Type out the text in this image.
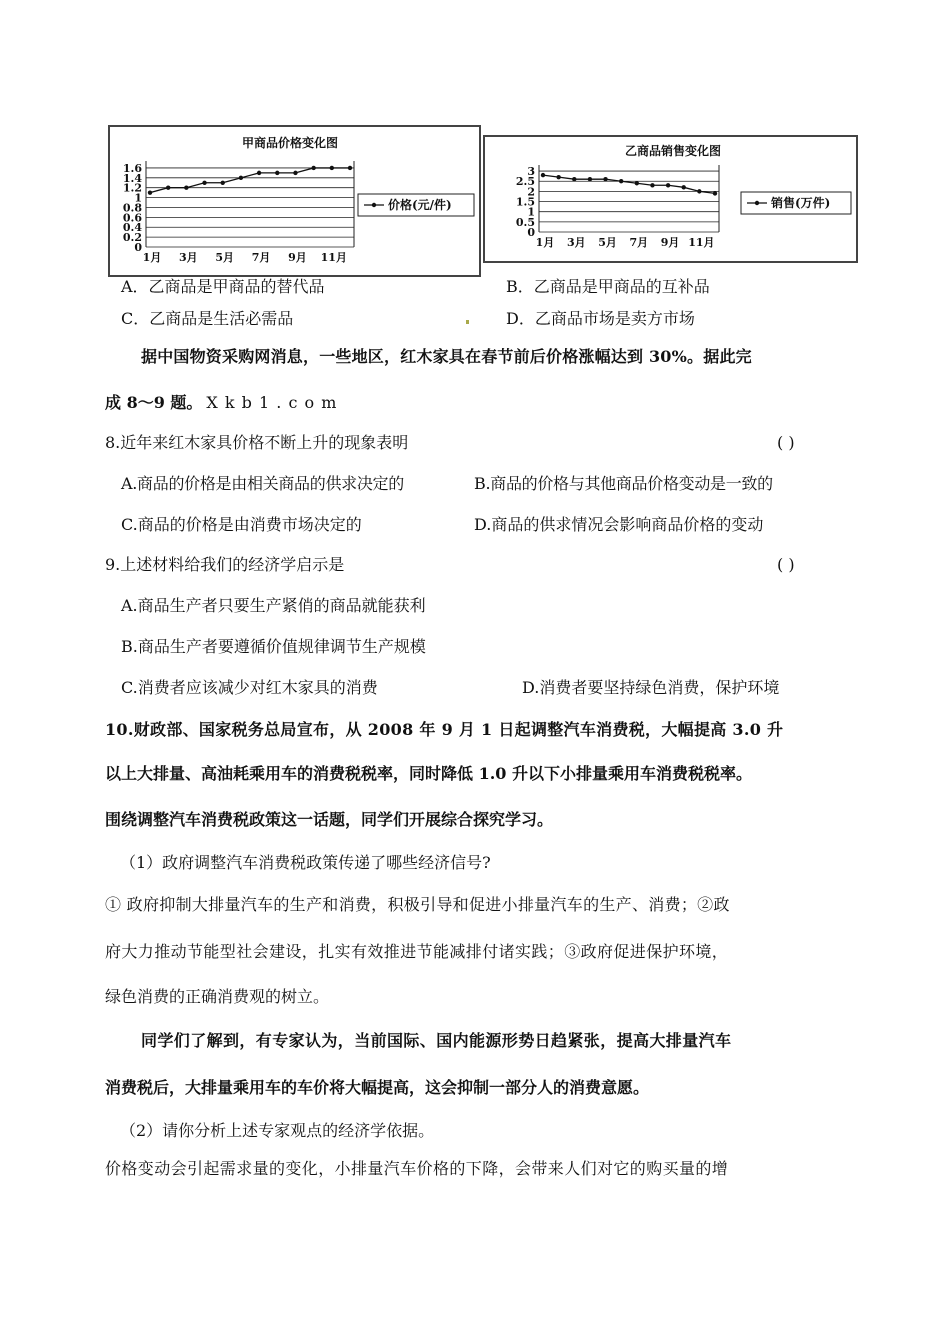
甲商品价格变化图
0
0.2
0.4
0.6
0.8
1
1.2
1.4
1.6
1月 3月 5月 7月 9月 11月
价格(元/件)
乙商品销售变化图
0
0.5
1
1.5
2
2.5
3
1月 3月 5月 7月 9月 11月
销售(万件)
A．乙商品是甲商品的替代品	B．乙商品是甲商品的互补品
C．乙商品是生活必需品	D．乙商品市场是卖方市场
据中国物资采购网消息，一些地区，红木家具在春节前后价格涨幅达到 30%。据此完
成 8～9 题。 X k b 1 . c o m
8.近年来红木家具价格不断上升的现象表明	( )
A.商品的价格是由相关商品的供求决定的	B.商品的价格与其他商品价格变动是一致的
C.商品的价格是由消费市场决定的	D.商品的供求情况会影响商品价格的变动
9.上述材料给我们的经济学启示是	( )
A.商品生产者只要生产紧俏的商品就能获利
B.商品生产者要遵循价值规律调节生产规模
C.消费者应该减少对红木家具的消费	D.消费者要坚持绿色消费，保护环境
10.财政部、国家税务总局宣布，从 2008 年 9 月 1 日起调整汽车消费税，大幅提高 3.0 升
以上大排量、高油耗乘用车的消费税税率，同时降低 1.0 升以下小排量乘用车消费税税率。
围绕调整汽车消费税政策这一话题，同学们开展综合探究学习。
（1）政府调整汽车消费税政策传递了哪些经济信号?
① 政府抑制大排量汽车的生产和消费，积极引导和促进小排量汽车的生产、消费；②政
府大力推动节能型社会建设，扎实有效推进节能减排付诸实践；③政府促进保护环境，
绿色消费的正确消费观的树立。
同学们了解到，有专家认为，当前国际、国内能源形势日趋紧张，提高大排量汽车
消费税后，大排量乘用车的车价将大幅提高，这会抑制一部分人的消费意愿。
（2）请你分析上述专家观点的经济学依据。
价格变动会引起需求量的变化，小排量汽车价格的下降，会带来人们对它的购买量的增
